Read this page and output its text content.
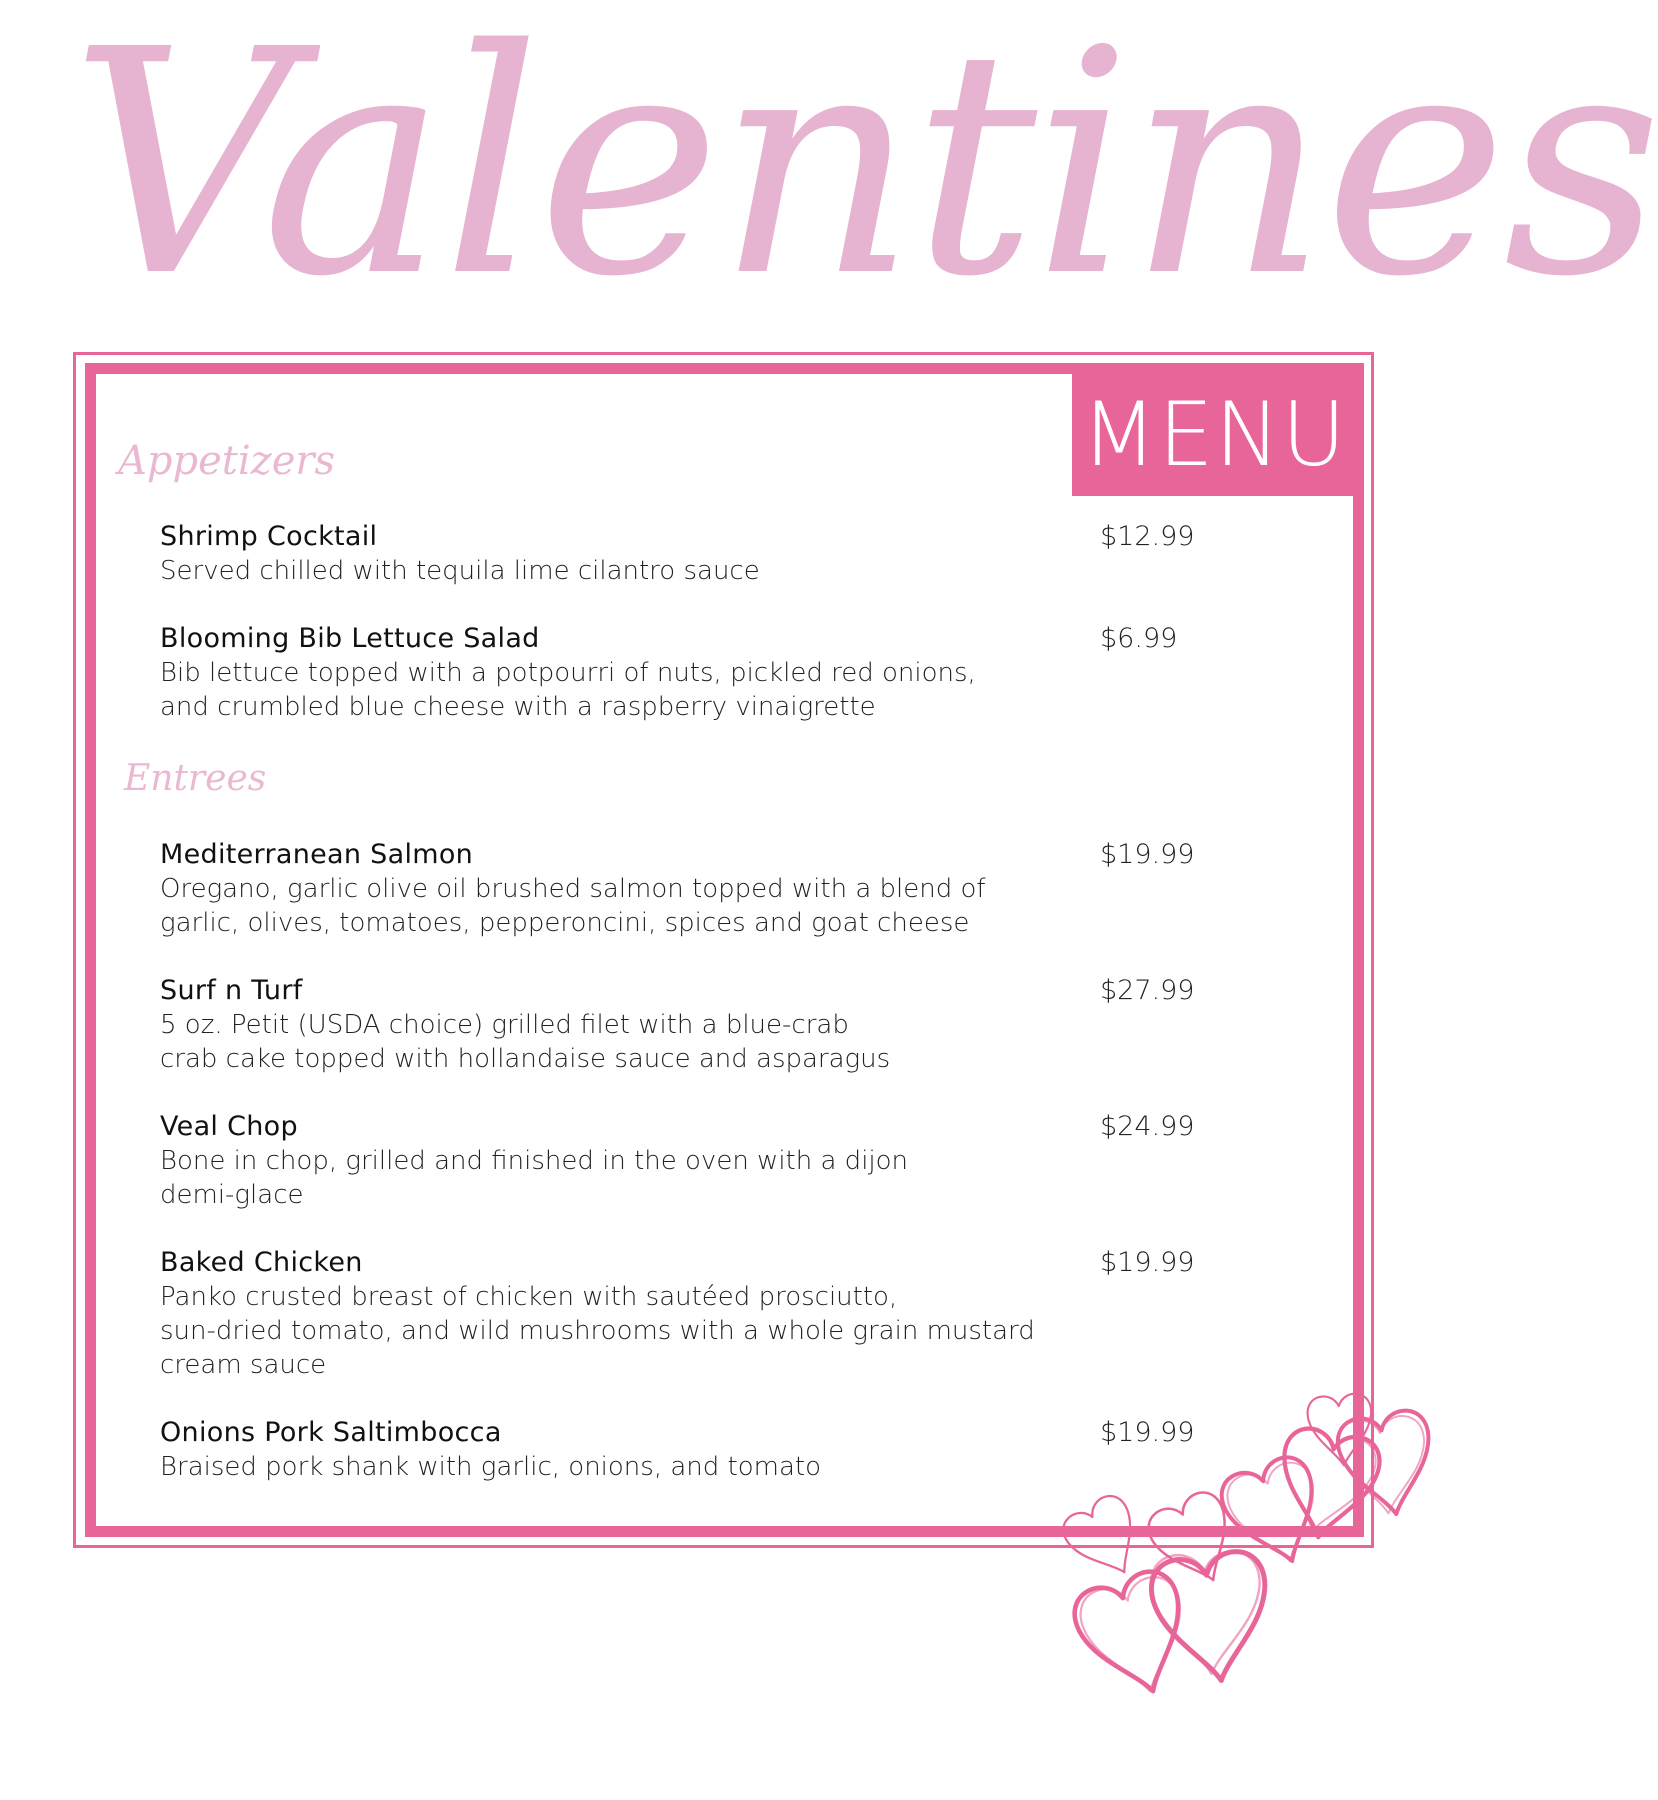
Valentines
MENU
Appetizers
Shrimp Cocktail
Served chilled with tequila lime cilantro sauce
$12.99
Blooming Bib Lettuce Salad
Bib lettuce topped with a potpourri of nuts, pickled red onions,
and crumbled blue cheese with a raspberry vinaigrette
$6.99
Entrees
Mediterranean Salmon
Oregano, garlic olive oil brushed salmon topped with a blend of
garlic, olives, tomatoes, pepperoncini, spices and goat cheese
$19.99
Surf n Turf
5 oz. Petit (USDA choice) grilled filet with a blue-crab
crab cake topped with hollandaise sauce and asparagus
$27.99
Veal Chop
Bone in chop, grilled and finished in the oven with a dijon
demi-glace
$24.99
Baked Chicken
Panko crusted breast of chicken with sautéed prosciutto,
sun-dried tomato, and wild mushrooms with a whole grain mustard
cream sauce
$19.99
Onions Pork Saltimbocca
Braised pork shank with garlic, onions, and tomato
$19.99
